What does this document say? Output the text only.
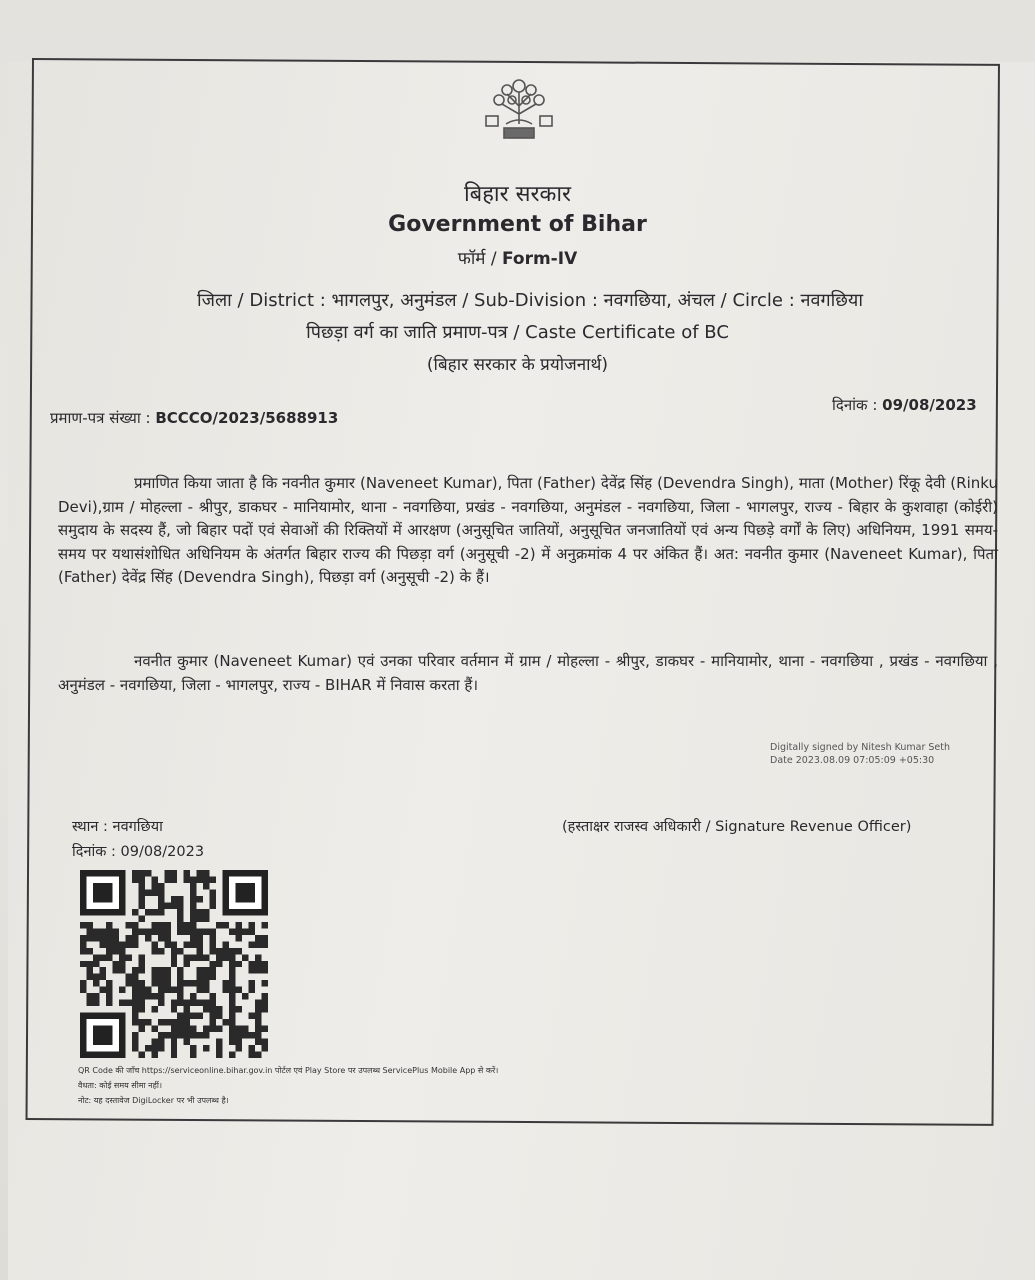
बिहार
बिहार सरकार
Government of Bihar
फॉर्म / Form-IV
जिला / District : भागलपुर, अनुमंडल / Sub-Division : नवगछिया, अंचल / Circle : नवगछिया
पिछड़ा वर्ग का जाति प्रमाण-पत्र / Caste Certificate of BC
(बिहार सरकार के प्रयोजनार्थ)
प्रमाण-पत्र संख्या : BCCCO/2023/5688913
दिनांक : 09/08/2023
प्रमाणित किया जाता है कि नवनीत कुमार (Naveneet Kumar), पिता (Father) देवेंद्र सिंह (Devendra Singh), माता (Mother) रिंकू देवी (Rinku Devi),ग्राम / मोहल्ला - श्रीपुर, डाकघर - मानियामोर, थाना - नवगछिया, प्रखंड - नवगछिया, अनुमंडल - नवगछिया, जिला - भागलपुर, राज्य - बिहार के कुशवाहा (कोईरी) समुदाय के सदस्य हैं, जो बिहार पदों एवं सेवाओं की रिक्तियों में आरक्षण (अनुसूचित जातियों, अनुसूचित जनजातियों एवं अन्य पिछड़े वर्गों के लिए) अधिनियम, 1991 समय-समय पर यथासंशोधित अधिनियम के अंतर्गत बिहार राज्य की पिछड़ा वर्ग (अनुसूची -2) में अनुक्रमांक 4 पर अंकित हैं। अत: नवनीत कुमार (Naveneet Kumar), पिता (Father) देवेंद्र सिंह (Devendra Singh), पिछड़ा वर्ग (अनुसूची -2) के हैं।
नवनीत कुमार (Naveneet Kumar) एवं उनका परिवार वर्तमान में ग्राम / मोहल्ला - श्रीपुर, डाकघर - मानियामोर, थाना - नवगछिया , प्रखंड - नवगछिया , अनुमंडल - नवगछिया, जिला - भागलपुर, राज्य - BIHAR में निवास करता हैं।
Digitally signed by Nitesh Kumar Seth
Date 2023.08.09 07:05:09 +05:30
स्थान : नवगछिया
दिनांक : 09/08/2023
(हस्ताक्षर राजस्व अधिकारी / Signature Revenue Officer)
QR Code की जाँच https://serviceonline.bihar.gov.in पोर्टल एवं Play Store पर उपलब्ध ServicePlus Mobile App से करें।
वैधता: कोई समय सीमा नहीं।
नोट: यह दस्तावेज DigiLocker पर भी उपलब्ध है।
